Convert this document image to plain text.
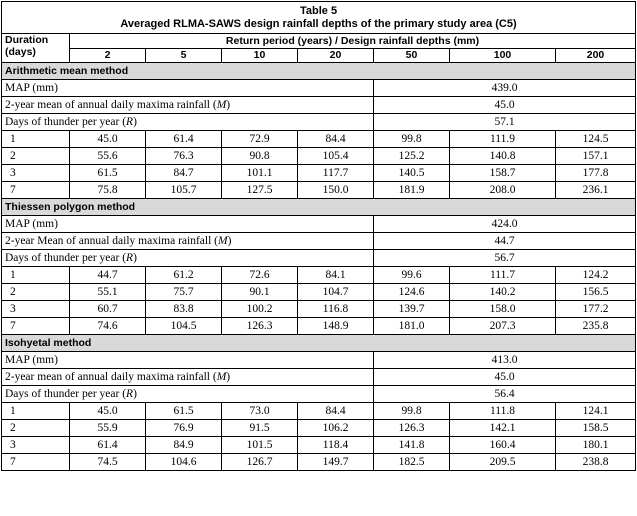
Table 5
Averaged RLMA-SAWS design rainfall depths of the primary study area (C5)							

Duration
(days)	Return period (years) / Design rainfall depths (mm)						
	2	5	10	20	50	100	200
Arithmetic mean method							
MAP (mm)					439.0		
2-year mean of annual daily maxima rainfall (M)					45.0		
Days of thunder per year (R)					57.1		
1	45.0	61.4	72.9	84.4	99.8	111.9	124.5
2	55.6	76.3	90.8	105.4	125.2	140.8	157.1
3	61.5	84.7	101.1	117.7	140.5	158.7	177.8
7	75.8	105.7	127.5	150.0	181.9	208.0	236.1
Thiessen polygon method							
MAP (mm)					424.0		
2-year Mean of annual daily maxima rainfall (M)					44.7		
Days of thunder per year (R)					56.7		
1	44.7	61.2	72.6	84.1	99.6	111.7	124.2
2	55.1	75.7	90.1	104.7	124.6	140.2	156.5
3	60.7	83.8	100.2	116.8	139.7	158.0	177.2
7	74.6	104.5	126.3	148.9	181.0	207.3	235.8
Isohyetal method							
MAP (mm)					413.0		
2-year mean of annual daily maxima rainfall (M)					45.0		
Days of thunder per year (R)					56.4		
1	45.0	61.5	73.0	84.4	99.8	111.8	124.1
2	55.9	76.9	91.5	106.2	126.3	142.1	158.5
3	61.4	84.9	101.5	118.4	141.8	160.4	180.1
7	74.5	104.6	126.7	149.7	182.5	209.5	238.8
